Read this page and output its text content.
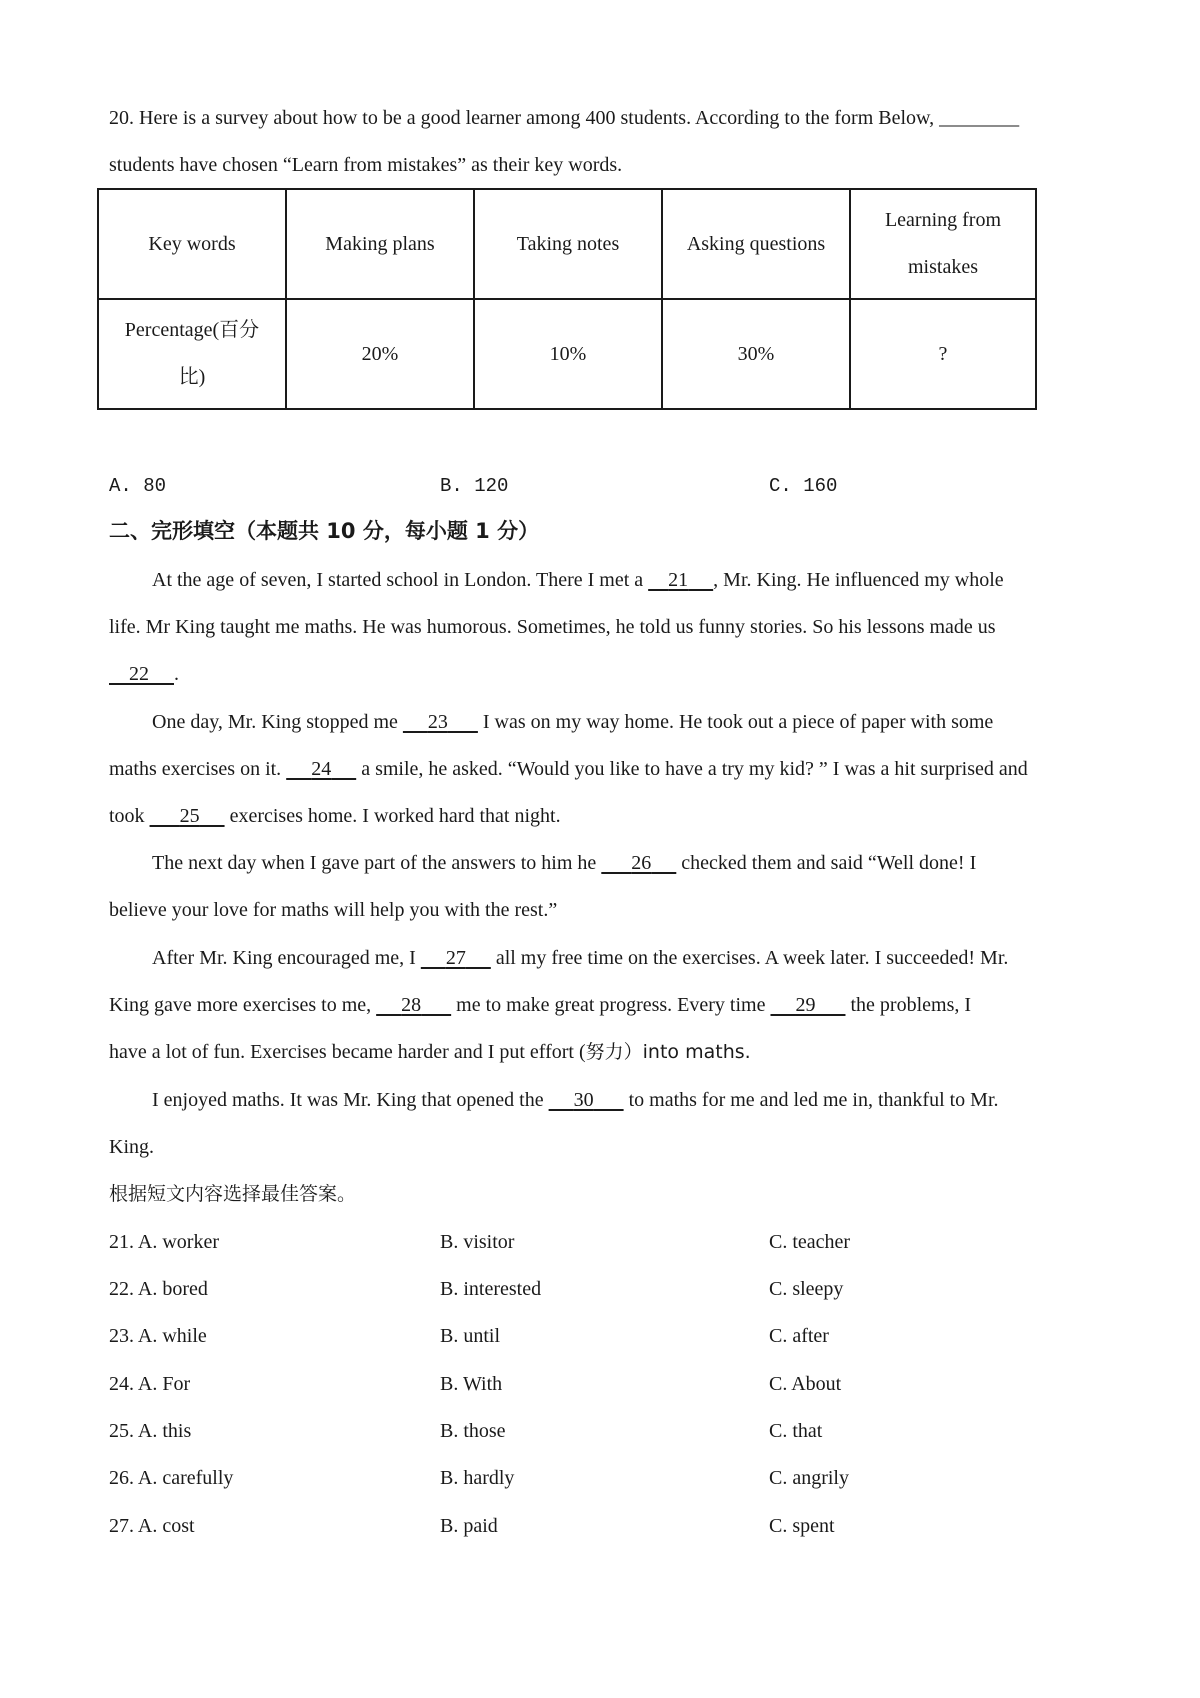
20. Here is a survey about how to be a good learner among 400 students. According to the form Below, ________
students have chosen “Learn from mistakes” as their key words.
Key words	Making plans	Taking notes	Asking questions	Learning from
mistakes

Percentage(百分
比)	20%	10%	30%	?
A. 80	B. 120	C. 160
二、完形填空（本题共 10 分，每小题 1 分）
At the age of seven, I started school in London. There I met a     21 , Mr. King. He influenced my whole
life. Mr King taught me maths. He was humorous. Sometimes, he told us funny stories. So his lessons made us
22 .
One day, Mr. King stopped me      23       I was on my way home. He took out a piece of paper with some
maths exercises on it.      24      a smile, he asked. “Would you like to have a try my kid? ” I was a hit surprised and
took       25      exercises home. I worked hard that night.
The next day when I gave part of the answers to him he       26      checked them and said “Well done! I
believe your love for maths will help you with the rest.”
After Mr. King encouraged me, I      27      all my free time on the exercises. A week later. I succeeded! Mr.
King gave more exercises to me,      28       me to make great progress. Every time      29       the problems, I
have a lot of fun. Exercises became harder and I put effort (努力）into maths.
I enjoyed maths. It was Mr. King that opened the      30       to maths for me and led me in, thankful to Mr.
King.
根据短文内容选择最佳答案。
21. A. worker	B. visitor	C. teacher
22. A. bored	B. interested	C. sleepy
23. A. while	B. until	C. after
24. A. For	B. With	C. About
25. A. this	B. those	C. that
26. A. carefully	B. hardly	C. angrily
27. A. cost	B. paid	C. spent
